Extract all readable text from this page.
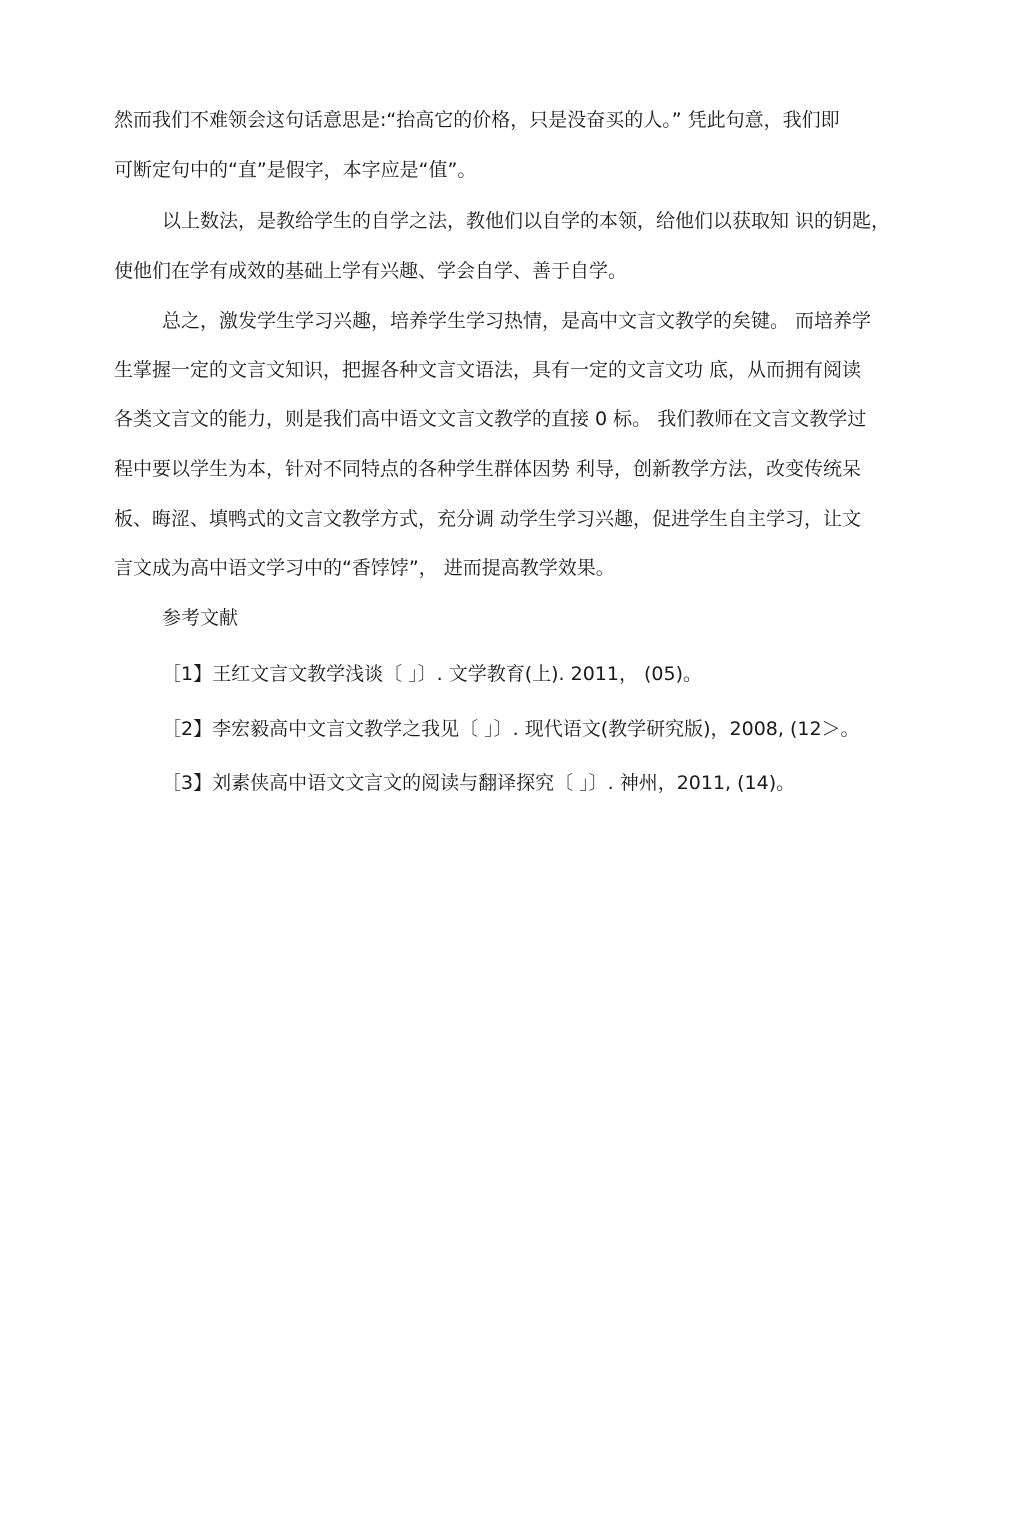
然而我们不难领会这句话意思是:“抬高它的价格，只是没奋买的人。” 凭此句意，我们即
可断定句中的“直”是假字，本字应是“值”。
以上数法，是教给学生的自学之法，教他们以自学的本领，给他们以获取知 识的钥匙，
使他们在学有成效的基础上学有兴趣、学会自学、善于自学。
总之，激发学生学习兴趣，培养学生学习热情，是高中文言文教学的矣键。 而培养学
生掌握一定的文言文知识，把握各种文言文语法，具有一定的文言文功 底，从而拥有阅读
各类文言文的能力，则是我们高中语文文言文教学的直接 0 标。 我们教师在文言文教学过
程中要以学生为本，针对不同特点的各种学生群体因势 利导，创新教学方法，改变传统呆
板、晦涩、填鸭式的文言文教学方式，充分调 动学生学习兴趣，促进学生自主学习，让文
言文成为高中语文学习中的“香饽饽”， 进而提高教学效果。
参考文献
［1】王红文言文教学浅谈〔 」〕. 文学教育(上). 2011， (05)。
［2】李宏毅高中文言文教学之我见〔 」〕. 现代语文(教学研究版)，2008, (12＞。
［3】刘素侠高中语文文言文的阅读与翻译探究〔 」〕. 神州，2011, (14)。
